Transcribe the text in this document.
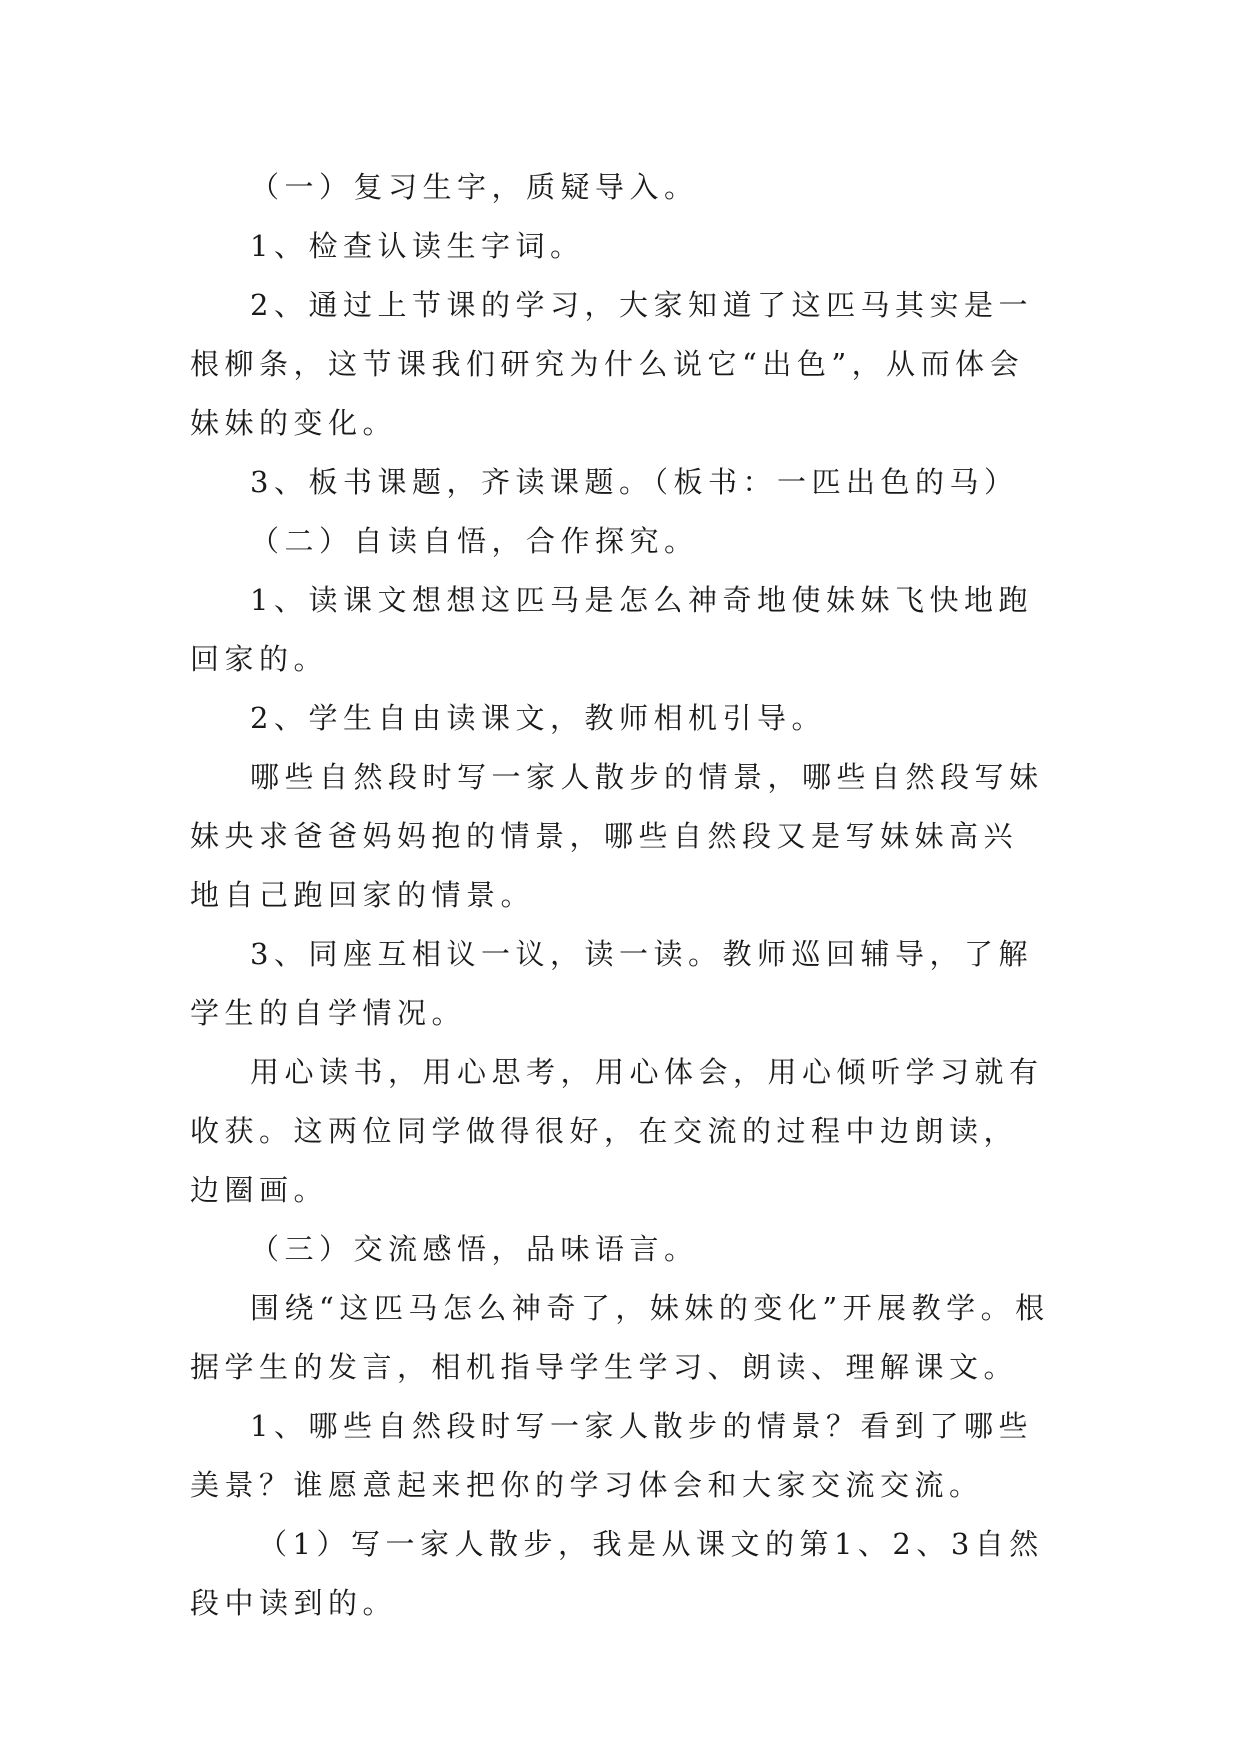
（一）复习生字，质疑导入。

1、检查认读生字词。

2、通过上节课的学习，大家知道了这匹马其实是一根柳条，这节课我们研究为什么说它“出色”，从而体会妹妹的变化。

3、板书课题，齐读课题。（板书：一匹出色的马）

（二）自读自悟，合作探究。

1、读课文想想这匹马是怎么神奇地使妹妹飞快地跑回家的。

2、学生自由读课文，教师相机引导。

哪些自然段时写一家人散步的情景，哪些自然段写妹妹央求爸爸妈妈抱的情景，哪些自然段又是写妹妹高兴地自己跑回家的情景。

3、同座互相议一议，读一读。教师巡回辅导，了解学生的自学情况。

用心读书，用心思考，用心体会，用心倾听学习就有收获。这两位同学做得很好，在交流的过程中边朗读，边圈画。

（三）交流感悟，品味语言。

围绕“这匹马怎么神奇了，妹妹的变化”开展教学。根据学生的发言，相机指导学生学习、朗读、理解课文。

1、哪些自然段时写一家人散步的情景？看到了哪些美景？谁愿意起来把你的学习体会和大家交流交流。

（1）写一家人散步，我是从课文的第1、2、3自然段中读到的。
